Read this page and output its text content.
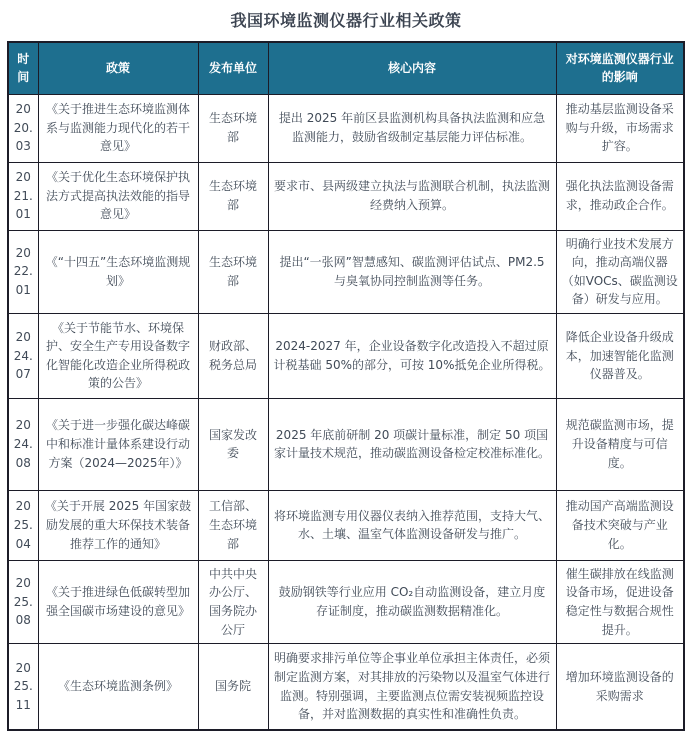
我国环境监测仪器行业相关政策
时间	政策	发布单位	核心内容	对环境监测仪器行业的影响
2020.03	《关于推进生态环境监测体系与监测能力现代化的若干意见》	生态环境部	提出 2025 年前区县监测机构具备执法监测和应急监测能力，鼓励省级制定基层能力评估标准。	推动基层监测设备采购与升级，市场需求扩容。
2021.01	《关于优化生态环境保护执法方式提高执法效能的指导意见》	生态环境部	要求市、县两级建立执法与监测联合机制，执法监测经费纳入预算。	强化执法监测设备需求，推动政企合作。
2022.01	《“十四五”生态环境监测规划》	生态环境部	提出“一张网”智慧感知、碳监测评估试点、PM2.5与臭氧协同控制监测等任务。	明确行业技术发展方向，推动高端仪器（如VOCs、碳监测设备）研发与应用。
2024.07	《关于节能节水、环境保护、安全生产专用设备数字化智能化改造企业所得税政策的公告》	财政部、税务总局	2024-2027 年，企业设备数字化改造投入不超过原计税基础 50%的部分，可按 10%抵免企业所得税。	降低企业设备升级成本，加速智能化监测仪器普及。
2024.08	《关于进一步强化碳达峰碳中和标准计量体系建设行动方案（2024—2025年）》	国家发改委	2025 年底前研制 20 项碳计量标准，制定 50 项国家计量技术规范，推动碳监测设备检定校准标准化。	规范碳监测市场，提升设备精度与可信度。
2025.04	《关于开展 2025 年国家鼓励发展的重大环保技术装备推荐工作的通知》	工信部、生态环境部	将环境监测专用仪器仪表纳入推荐范围，支持大气、水、土壤、温室气体监测设备研发与推广。	推动国产高端监测设备技术突破与产业化。
2025.08	《关于推进绿色低碳转型加强全国碳市场建设的意见》	中共中央办公厅、国务院办公厅	鼓励钢铁等行业应用 CO₂自动监测设备，建立月度存证制度，推动碳监测数据精准化。	催生碳排放在线监测设备市场，促进设备稳定性与数据合规性提升。
2025.11	《生态环境监测条例》	国务院	明确要求排污单位等企事业单位承担主体责任，必须制定监测方案，对其排放的污染物以及温室气体进行监测。特别强调，主要监测点位需安装视频监控设备，并对监测数据的真实性和准确性负责。	增加环境监测设备的采购需求
